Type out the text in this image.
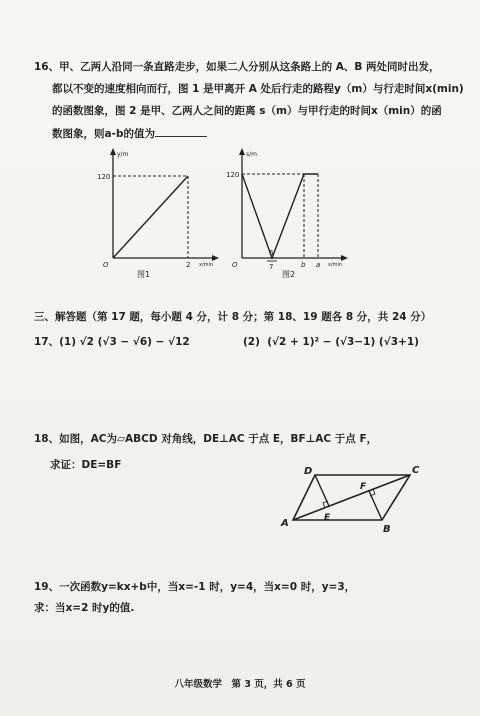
16、甲、乙两人沿同一条直路走步，如果二人分别从这条路上的 A、B 两处同时出发，
都以不变的速度相向而行，图 1 是甲离开 A 处后行走的路程y（m）与行走时间x(min)
的函数图象，图 2 是甲、乙两人之间的距离 s（m）与甲行走的时间x（min）的函
数图象，则a-b的值为
y/m
120
O	2 x/min
图1
s/m
120
O
6
7	b a x/min
图2
三、解答题（第 17 题，每小题 4 分，计 8 分；第 18、19 题各 8 分，共 24 分）
17、(1) √2 (√3 − √6) − √12	(2)  (√2 + 1)² − (√3−1) (√3+1)
18、如图，AC为▱ABCD 对角线，DE⊥AC 于点 E，BF⊥AC 于点 F，
求证：DE=BF
D	C
A
B
E
F
19、一次函数y=kx+b中，当x=-1 时，y=4，当x=0 时，y=3，
求：当x=2 时y的值.
八年级数学　第 3 页，共 6 页
